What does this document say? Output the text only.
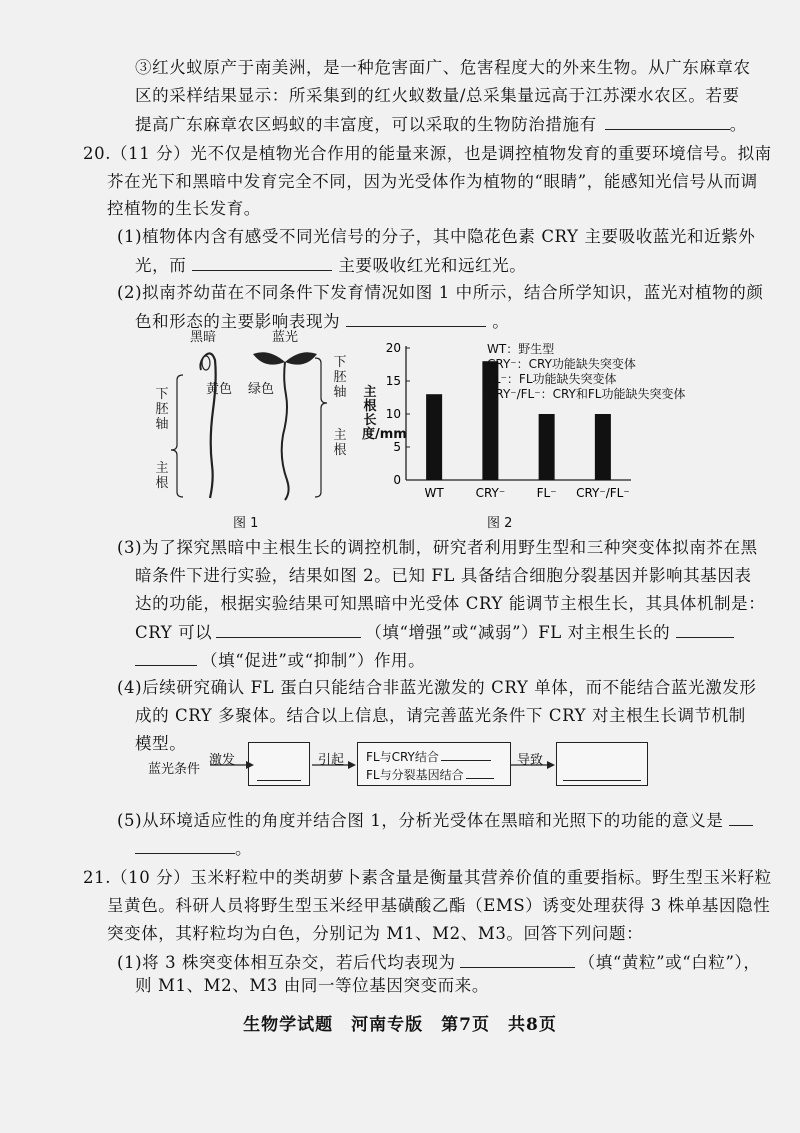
③红火蚁原产于南美洲，是一种危害面广、危害程度大的外来生物。从广东麻章农
区的采样结果显示：所采集到的红火蚁数量/总采集量远高于江苏溧水农区。若要
提高广东麻章农区蚂蚁的丰富度，可以采取的生物防治措施有	。
20.（11 分）光不仅是植物光合作用的能量来源，也是调控植物发育的重要环境信号。拟南
芥在光下和黑暗中发育完全不同，因为光受体作为植物的“眼睛”，能感知光信号从而调
控植物的生长发育。
(1)植物体内含有感受不同光信号的分子，其中隐花色素 CRY 主要吸收蓝光和近紫外
光，而	主要吸收红光和远红光。
(2)拟南芥幼苗在不同条件下发育情况如图 1 中所示，结合所学知识，蓝光对植物的颜
色和形态的主要影响表现为	。
黑暗	蓝光
黄色 绿色
下胚轴
主根
下胚轴
主根
图 1
主根长度/mm
0
5
10
15
20
WT	CRY⁻	FL⁻ CRY⁻/FL⁻
WT：野生型
CRY⁻：CRY功能缺失突变体
FL⁻：FL功能缺失突变体
CRY⁻/FL⁻：CRY和FL功能缺失突变体
图 2
(3)为了探究黑暗中主根生长的调控机制，研究者利用野生型和三种突变体拟南芥在黑
暗条件下进行实验，结果如图 2。已知 FL 具备结合细胞分裂基因并影响其基因表
达的功能，根据实验结果可知黑暗中光受体 CRY 能调节主根生长，其具体机制是：
CRY 可以	（填“增强”或“减弱”）FL 对主根生长的
（填“促进”或“抑制”）作用。
(4)后续研究确认 FL 蛋白只能结合非蓝光激发的 CRY 单体，而不能结合蓝光激发形
成的 CRY 多聚体。结合以上信息，请完善蓝光条件下 CRY 对主根生长调节机制
模型。
蓝光条件
激发	引起 FL与CRY结合
FL与分裂基因结合
导致
(5)从环境适应性的角度并结合图 1，分析光受体在黑暗和光照下的功能的意义是
。
21.（10 分）玉米籽粒中的类胡萝卜素含量是衡量其营养价值的重要指标。野生型玉米籽粒
呈黄色。科研人员将野生型玉米经甲基磺酸乙酯（EMS）诱变处理获得 3 株单基因隐性
突变体，其籽粒均为白色，分别记为 M1、M2、M3。回答下列问题：
(1)将 3 株突变体相互杂交，若后代均表现为	（填“黄粒”或“白粒”），
则 M1、M2、M3 由同一等位基因突变而来。
生物学试题　河南专版　第7页　共8页
